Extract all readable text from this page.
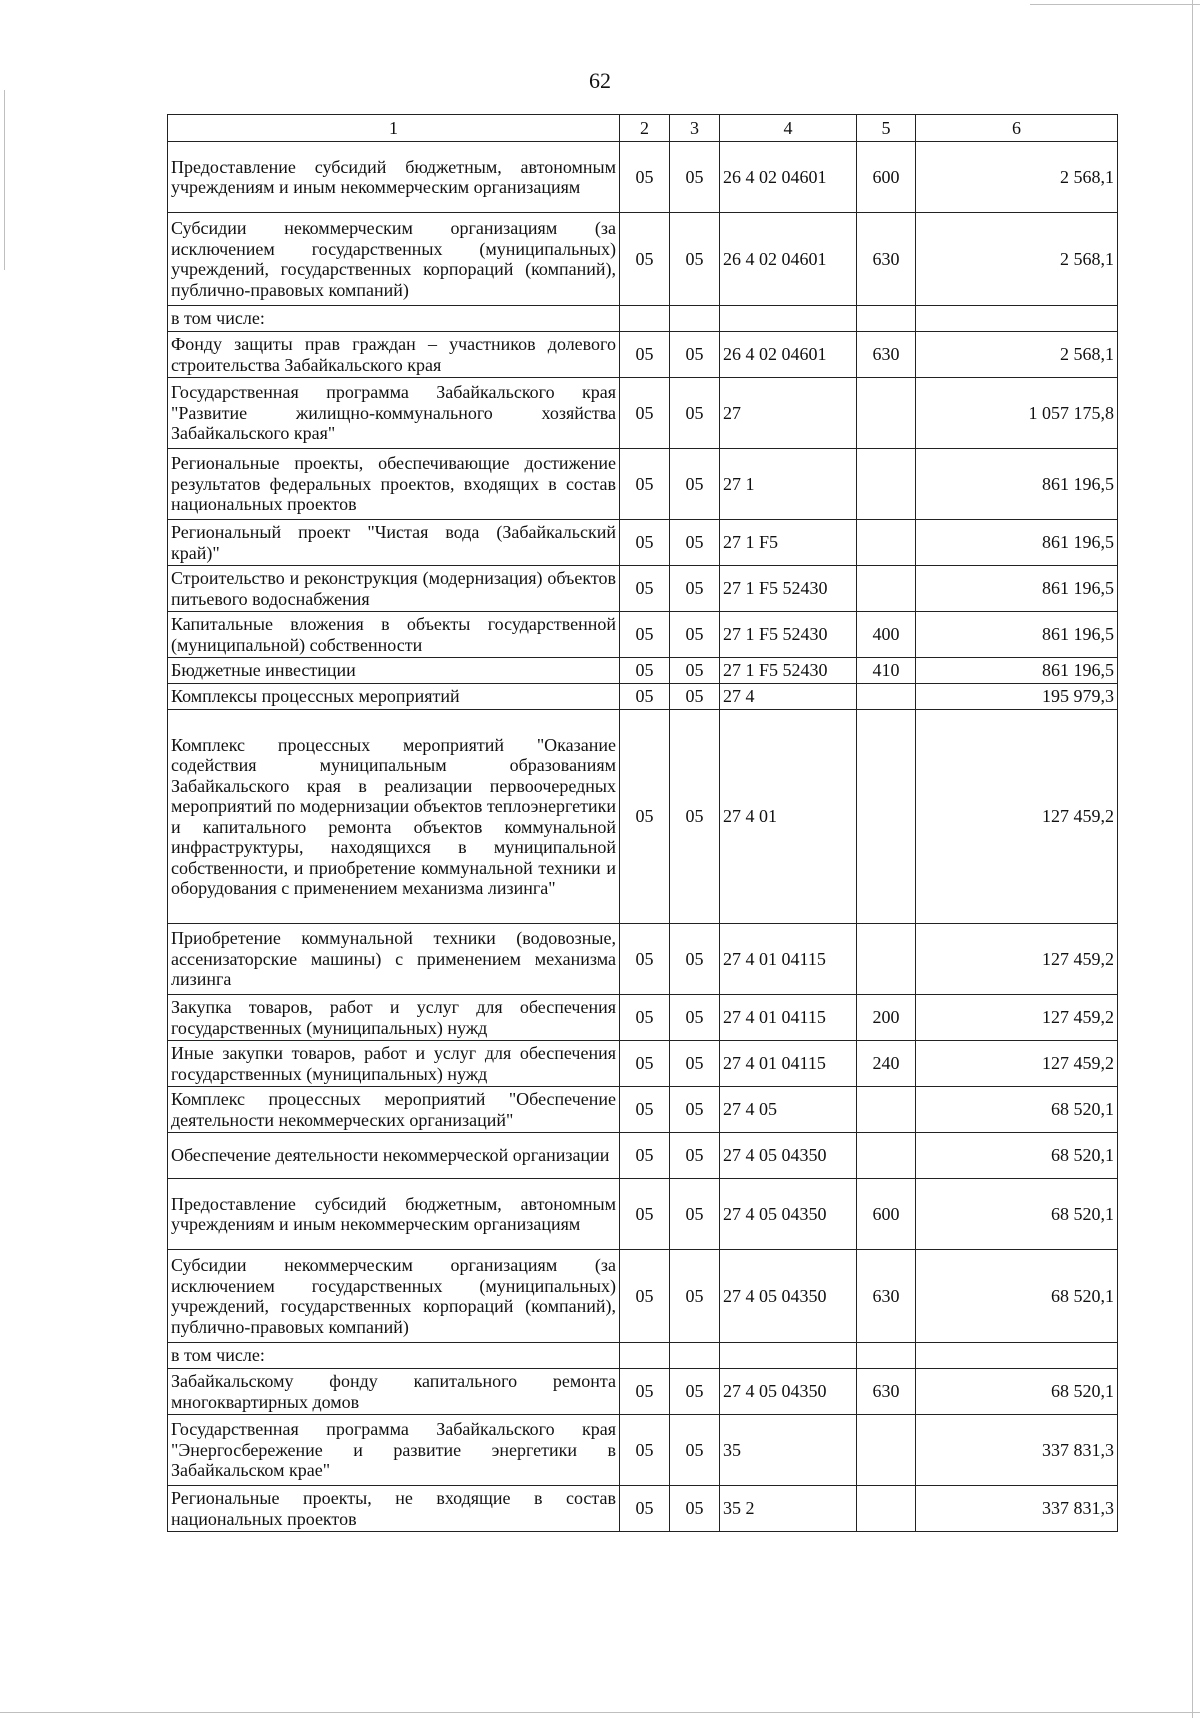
62
1	2	3	4	5	6
Предоставление субсидий бюджетным, автономным учреждениям и иным некоммерческим организациям	05	05	26 4 02 04601	600	2 568,1
Субсидии некоммерческим организациям (за исключением государственных (муниципальных) учреждений, государственных корпораций (компаний), публично-правовых компаний)	05	05	26 4 02 04601	630	2 568,1
в том числе:					
Фонду защиты прав граждан – участников долевого строительства Забайкальского края	05	05	26 4 02 04601	630	2 568,1
Государственная программа Забайкальского края "Развитие жилищно-коммунального хозяйства Забайкальского края"	05	05	27		1 057 175,8
Региональные проекты, обеспечивающие достижение результатов федеральных проектов, входящих в состав национальных проектов	05	05	27 1		861 196,5
Региональный проект "Чистая вода (Забайкальский край)"	05	05	27 1 F5		861 196,5
Строительство и реконструкция (модернизация) объектов питьевого водоснабжения	05	05	27 1 F5 52430		861 196,5
Капитальные вложения в объекты государственной (муниципальной) собственности	05	05	27 1 F5 52430	400	861 196,5
Бюджетные инвестиции	05	05	27 1 F5 52430	410	861 196,5
Комплексы процессных мероприятий	05	05	27 4		195 979,3
Комплекс процессных мероприятий "Оказание содействия муниципальным образованиям Забайкальского края в реализации первоочередных мероприятий по модернизации объектов теплоэнергетики и капитального ремонта объектов коммунальной инфраструктуры, находящихся в муниципальной собственности, и приобретение коммунальной техники и оборудования с применением механизма лизинга"	05	05	27 4 01		127 459,2
Приобретение коммунальной техники (водовозные, ассенизаторские машины) с применением механизма лизинга	05	05	27 4 01 04115		127 459,2
Закупка товаров, работ и услуг для обеспечения государственных (муниципальных) нужд	05	05	27 4 01 04115	200	127 459,2
Иные закупки товаров, работ и услуг для обеспечения государственных (муниципальных) нужд	05	05	27 4 01 04115	240	127 459,2
Комплекс процессных мероприятий "Обеспечение деятельности некоммерческих организаций"	05	05	27 4 05		68 520,1
Обеспечение деятельности некоммерческой организации	05	05	27 4 05 04350		68 520,1
Предоставление субсидий бюджетным, автономным учреждениям и иным некоммерческим организациям	05	05	27 4 05 04350	600	68 520,1
Субсидии некоммерческим организациям (за исключением государственных (муниципальных) учреждений, государственных корпораций (компаний), публично-правовых компаний)	05	05	27 4 05 04350	630	68 520,1
в том числе:					
Забайкальскому фонду капитального ремонта многоквартирных домов	05	05	27 4 05 04350	630	68 520,1
Государственная программа Забайкальского края "Энергосбережение и развитие энергетики в Забайкальском крае"	05	05	35		337 831,3
Региональные проекты, не входящие в состав национальных проектов	05	05	35 2		337 831,3
